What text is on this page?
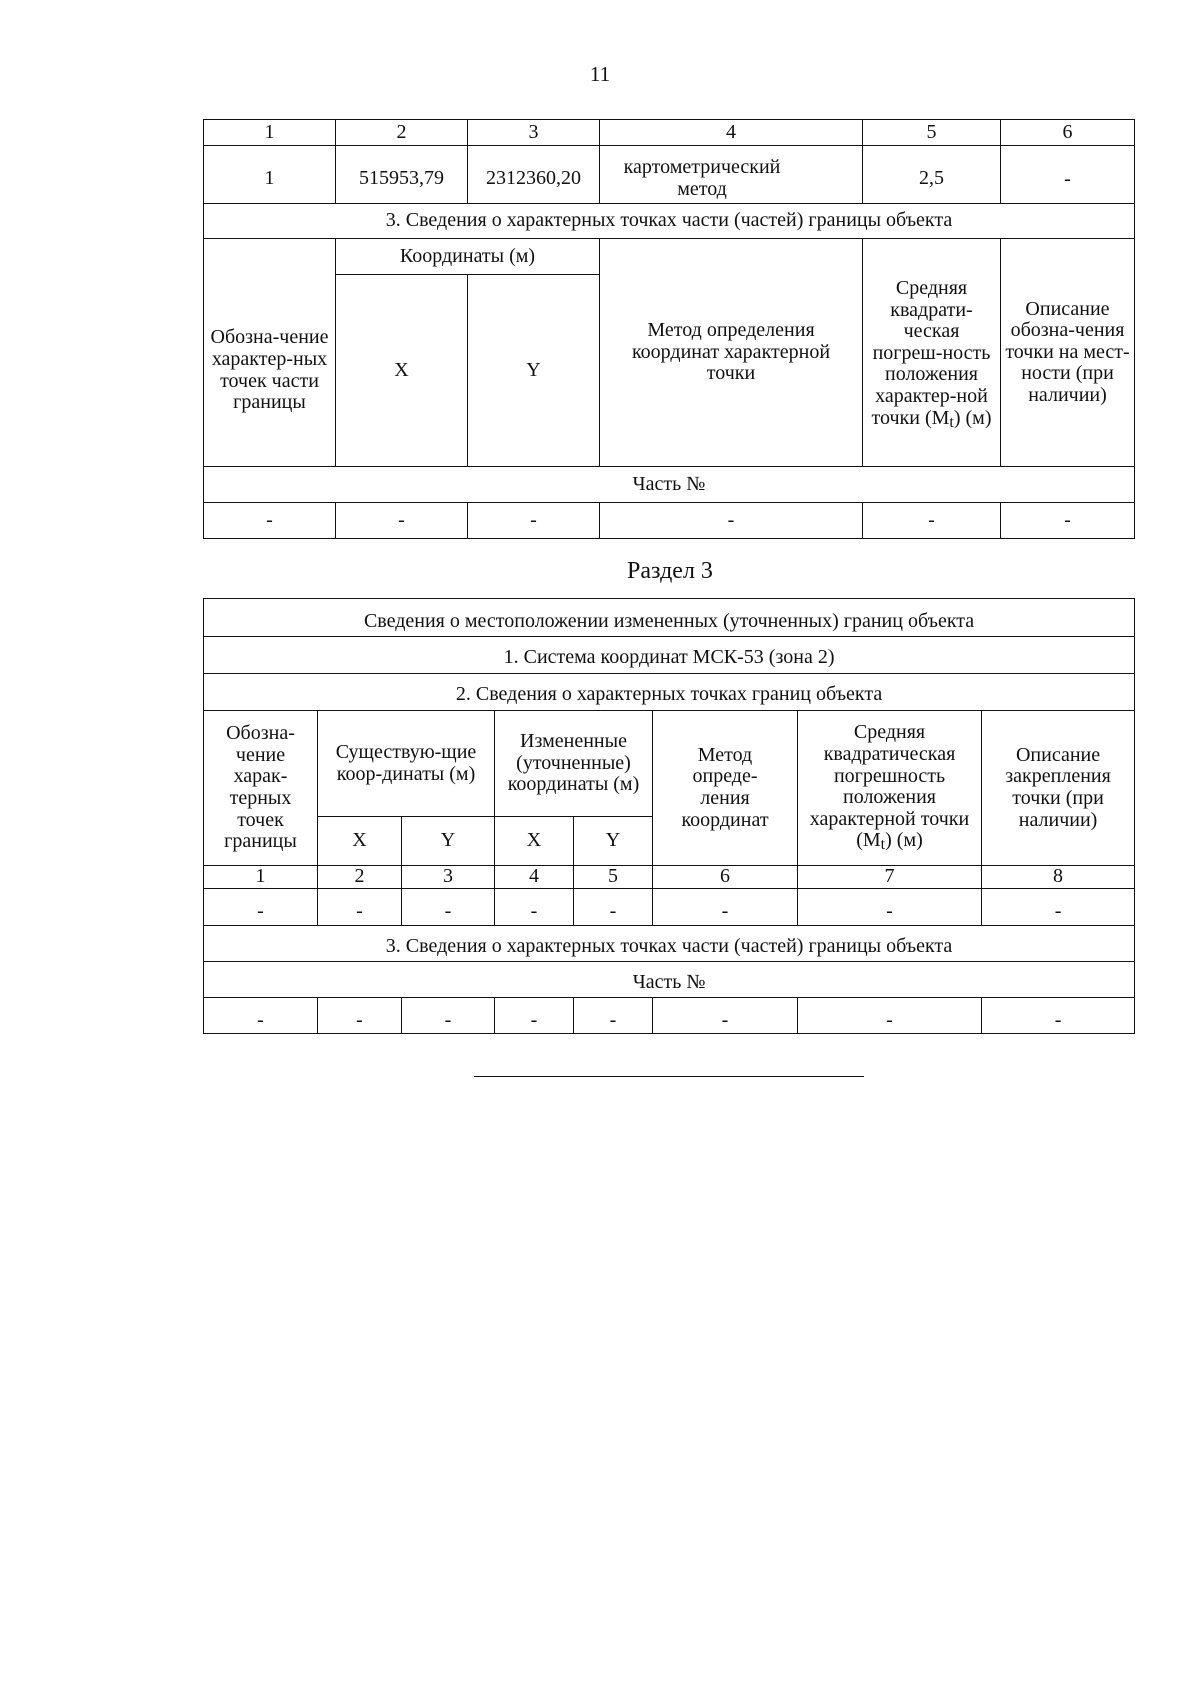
11
1	2	3	4	5	6
1	515953,79	2312360,20	картометрический метод	2,5	-
3. Сведения о характерных точках части (частей) границы объекта					
Обозна-чение характер-ных точек части границы	Координаты (м)		Метод определения координат характерной точки	Средняя квадрати-ческая погреш-ность положения характер-ной точки $(M_t)$ (м)	Описание обозна-чения точки на мест-ности (при наличии)
	X	Y			
Часть №					
-	-	-	-	-	-
Раздел 3
Сведения о местоположении измененных (уточненных) границ объекта							
1. Система координат МСК-53 (зона 2)							
2. Сведения о характерных точках границ объекта							
Обозна-чение харак-терных точек границы	Существую-щие коор-динаты (м)		Измененные (уточненные) координаты (м)		Метод опреде-ления координат	Средняя квадратическая погрешность положения характерной точки $(M_t)$ (м)	Описание закрепления точки (при наличии)
	X	Y	X	Y			
1	2	3	4	5	6	7	8
-	-	-	-	-	-	-	-
3. Сведения о характерных точках части (частей) границы объекта							
Часть №							
-	-	-	-	-	-	-	-
